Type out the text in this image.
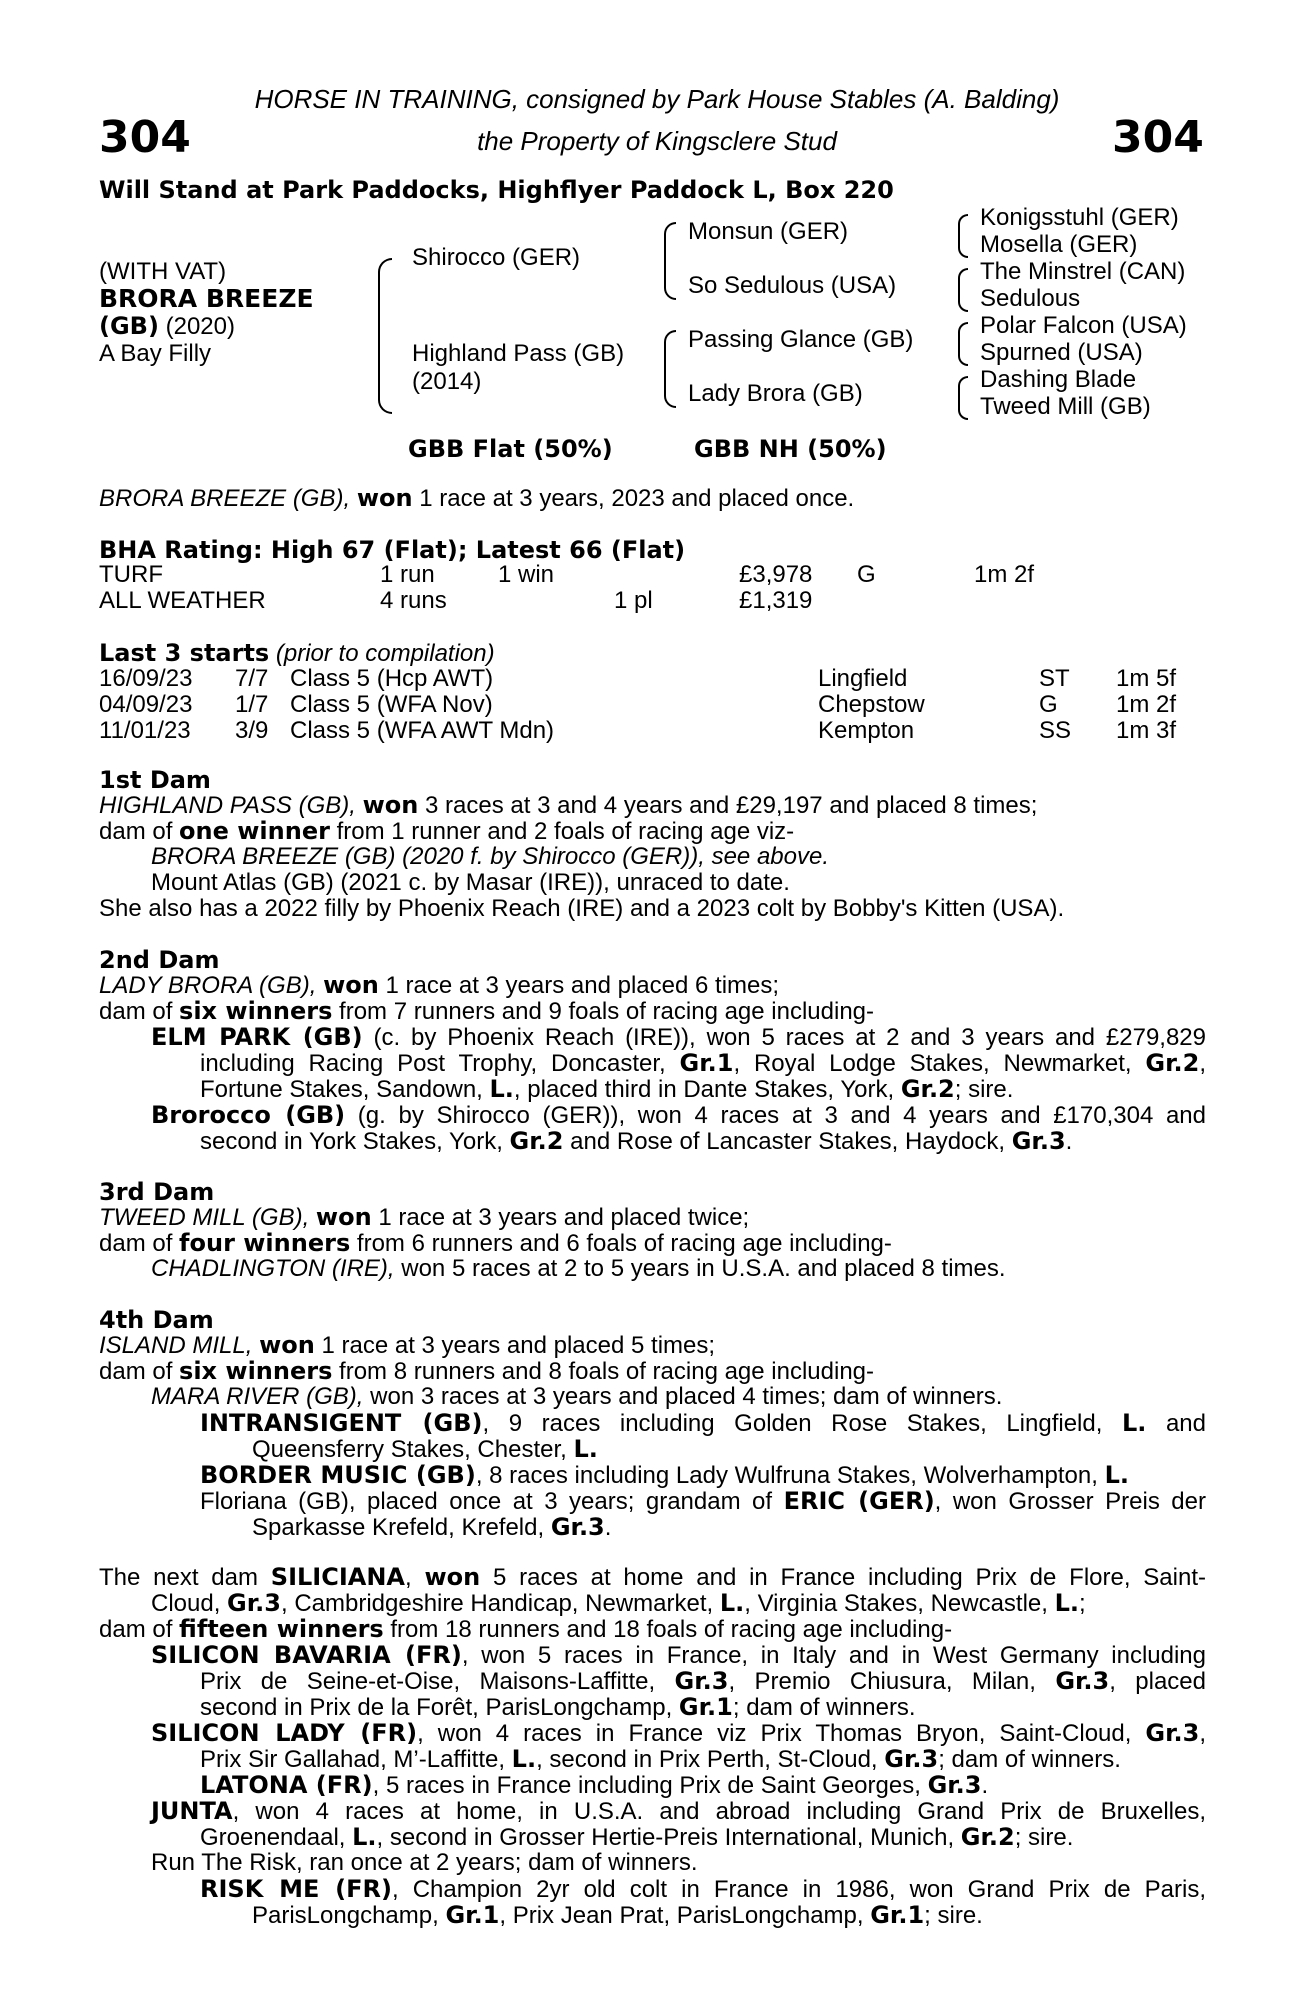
304	304
HORSE IN TRAINING, consigned by Park House Stables (A. Balding)
the Property of Kingsclere Stud
Will Stand at Park Paddocks, Highflyer Paddock L, Box 220
(WITH VAT)
BRORA BREEZE
(GB) (2020)
A Bay Filly
Shirocco (GER)
Highland Pass (GB)
(2014)
Monsun (GER)
So Sedulous (USA)
Passing Glance (GB)
Lady Brora (GB)
Konigsstuhl (GER)
Mosella (GER)
The Minstrel (CAN)
Sedulous
Polar Falcon (USA)
Spurned (USA)
Dashing Blade
Tweed Mill (GB)
GBB Flat (50%)	GBB NH (50%)
BRORA BREEZE (GB), won 1 race at 3 years, 2023 and placed once.
BHA Rating: High 67 (Flat); Latest 66 (Flat)
TURF	1 run	1 win	£3,978 G	1m 2f
ALL WEATHER	4 runs	1 pl	£1,319
Last 3 starts (prior to compilation)
16/09/23 7/7 Class 5 (Hcp AWT)	Lingfield	ST 1m 5f
04/09/23 1/7 Class 5 (WFA Nov)	Chepstow	G 1m 2f
11/01/23 3/9 Class 5 (WFA AWT Mdn)	Kempton	SS 1m 3f
1st Dam
HIGHLAND PASS (GB), won 3 races at 3 and 4 years and £29,197 and placed 8 times;
dam of one winner from 1 runner and 2 foals of racing age viz-
BRORA BREEZE (GB) (2020 f. by Shirocco (GER)), see above.
Mount Atlas (GB) (2021 c. by Masar (IRE)), unraced to date.
She also has a 2022 filly by Phoenix Reach (IRE) and a 2023 colt by Bobby's Kitten (USA).
2nd Dam
LADY BRORA (GB), won 1 race at 3 years and placed 6 times;
dam of six winners from 7 runners and 9 foals of racing age including-
ELM PARK (GB) (c. by Phoenix Reach (IRE)), won 5 races at 2 and 3 years and £279,829
including Racing Post Trophy, Doncaster, Gr.1, Royal Lodge Stakes, Newmarket, Gr.2,
Fortune Stakes, Sandown, L., placed third in Dante Stakes, York, Gr.2; sire.
Brorocco (GB) (g. by Shirocco (GER)), won 4 races at 3 and 4 years and £170,304 and
second in York Stakes, York, Gr.2 and Rose of Lancaster Stakes, Haydock, Gr.3.
3rd Dam
TWEED MILL (GB), won 1 race at 3 years and placed twice;
dam of four winners from 6 runners and 6 foals of racing age including-
CHADLINGTON (IRE), won 5 races at 2 to 5 years in U.S.A. and placed 8 times.
4th Dam
ISLAND MILL, won 1 race at 3 years and placed 5 times;
dam of six winners from 8 runners and 8 foals of racing age including-
MARA RIVER (GB), won 3 races at 3 years and placed 4 times; dam of winners.
INTRANSIGENT (GB), 9 races including Golden Rose Stakes, Lingfield, L. and
Queensferry Stakes, Chester, L.
BORDER MUSIC (GB), 8 races including Lady Wulfruna Stakes, Wolverhampton, L.
Floriana (GB), placed once at 3 years; grandam of ERIC (GER), won Grosser Preis der
Sparkasse Krefeld, Krefeld, Gr.3.
The next dam SILICIANA, won 5 races at home and in France including Prix de Flore, Saint-
Cloud, Gr.3, Cambridgeshire Handicap, Newmarket, L., Virginia Stakes, Newcastle, L.;
dam of fifteen winners from 18 runners and 18 foals of racing age including-
SILICON BAVARIA (FR), won 5 races in France, in Italy and in West Germany including
Prix de Seine-et-Oise, Maisons-Laffitte, Gr.3, Premio Chiusura, Milan, Gr.3, placed
second in Prix de la Forêt, ParisLongchamp, Gr.1; dam of winners.
SILICON LADY (FR), won 4 races in France viz Prix Thomas Bryon, Saint-Cloud, Gr.3,
Prix Sir Gallahad, M’-Laffitte, L., second in Prix Perth, St-Cloud, Gr.3; dam of winners.
LATONA (FR), 5 races in France including Prix de Saint Georges, Gr.3.
JUNTA, won 4 races at home, in U.S.A. and abroad including Grand Prix de Bruxelles,
Groenendaal, L., second in Grosser Hertie-Preis International, Munich, Gr.2; sire.
Run The Risk, ran once at 2 years; dam of winners.
RISK ME (FR), Champion 2yr old colt in France in 1986, won Grand Prix de Paris,
ParisLongchamp, Gr.1, Prix Jean Prat, ParisLongchamp, Gr.1; sire.
